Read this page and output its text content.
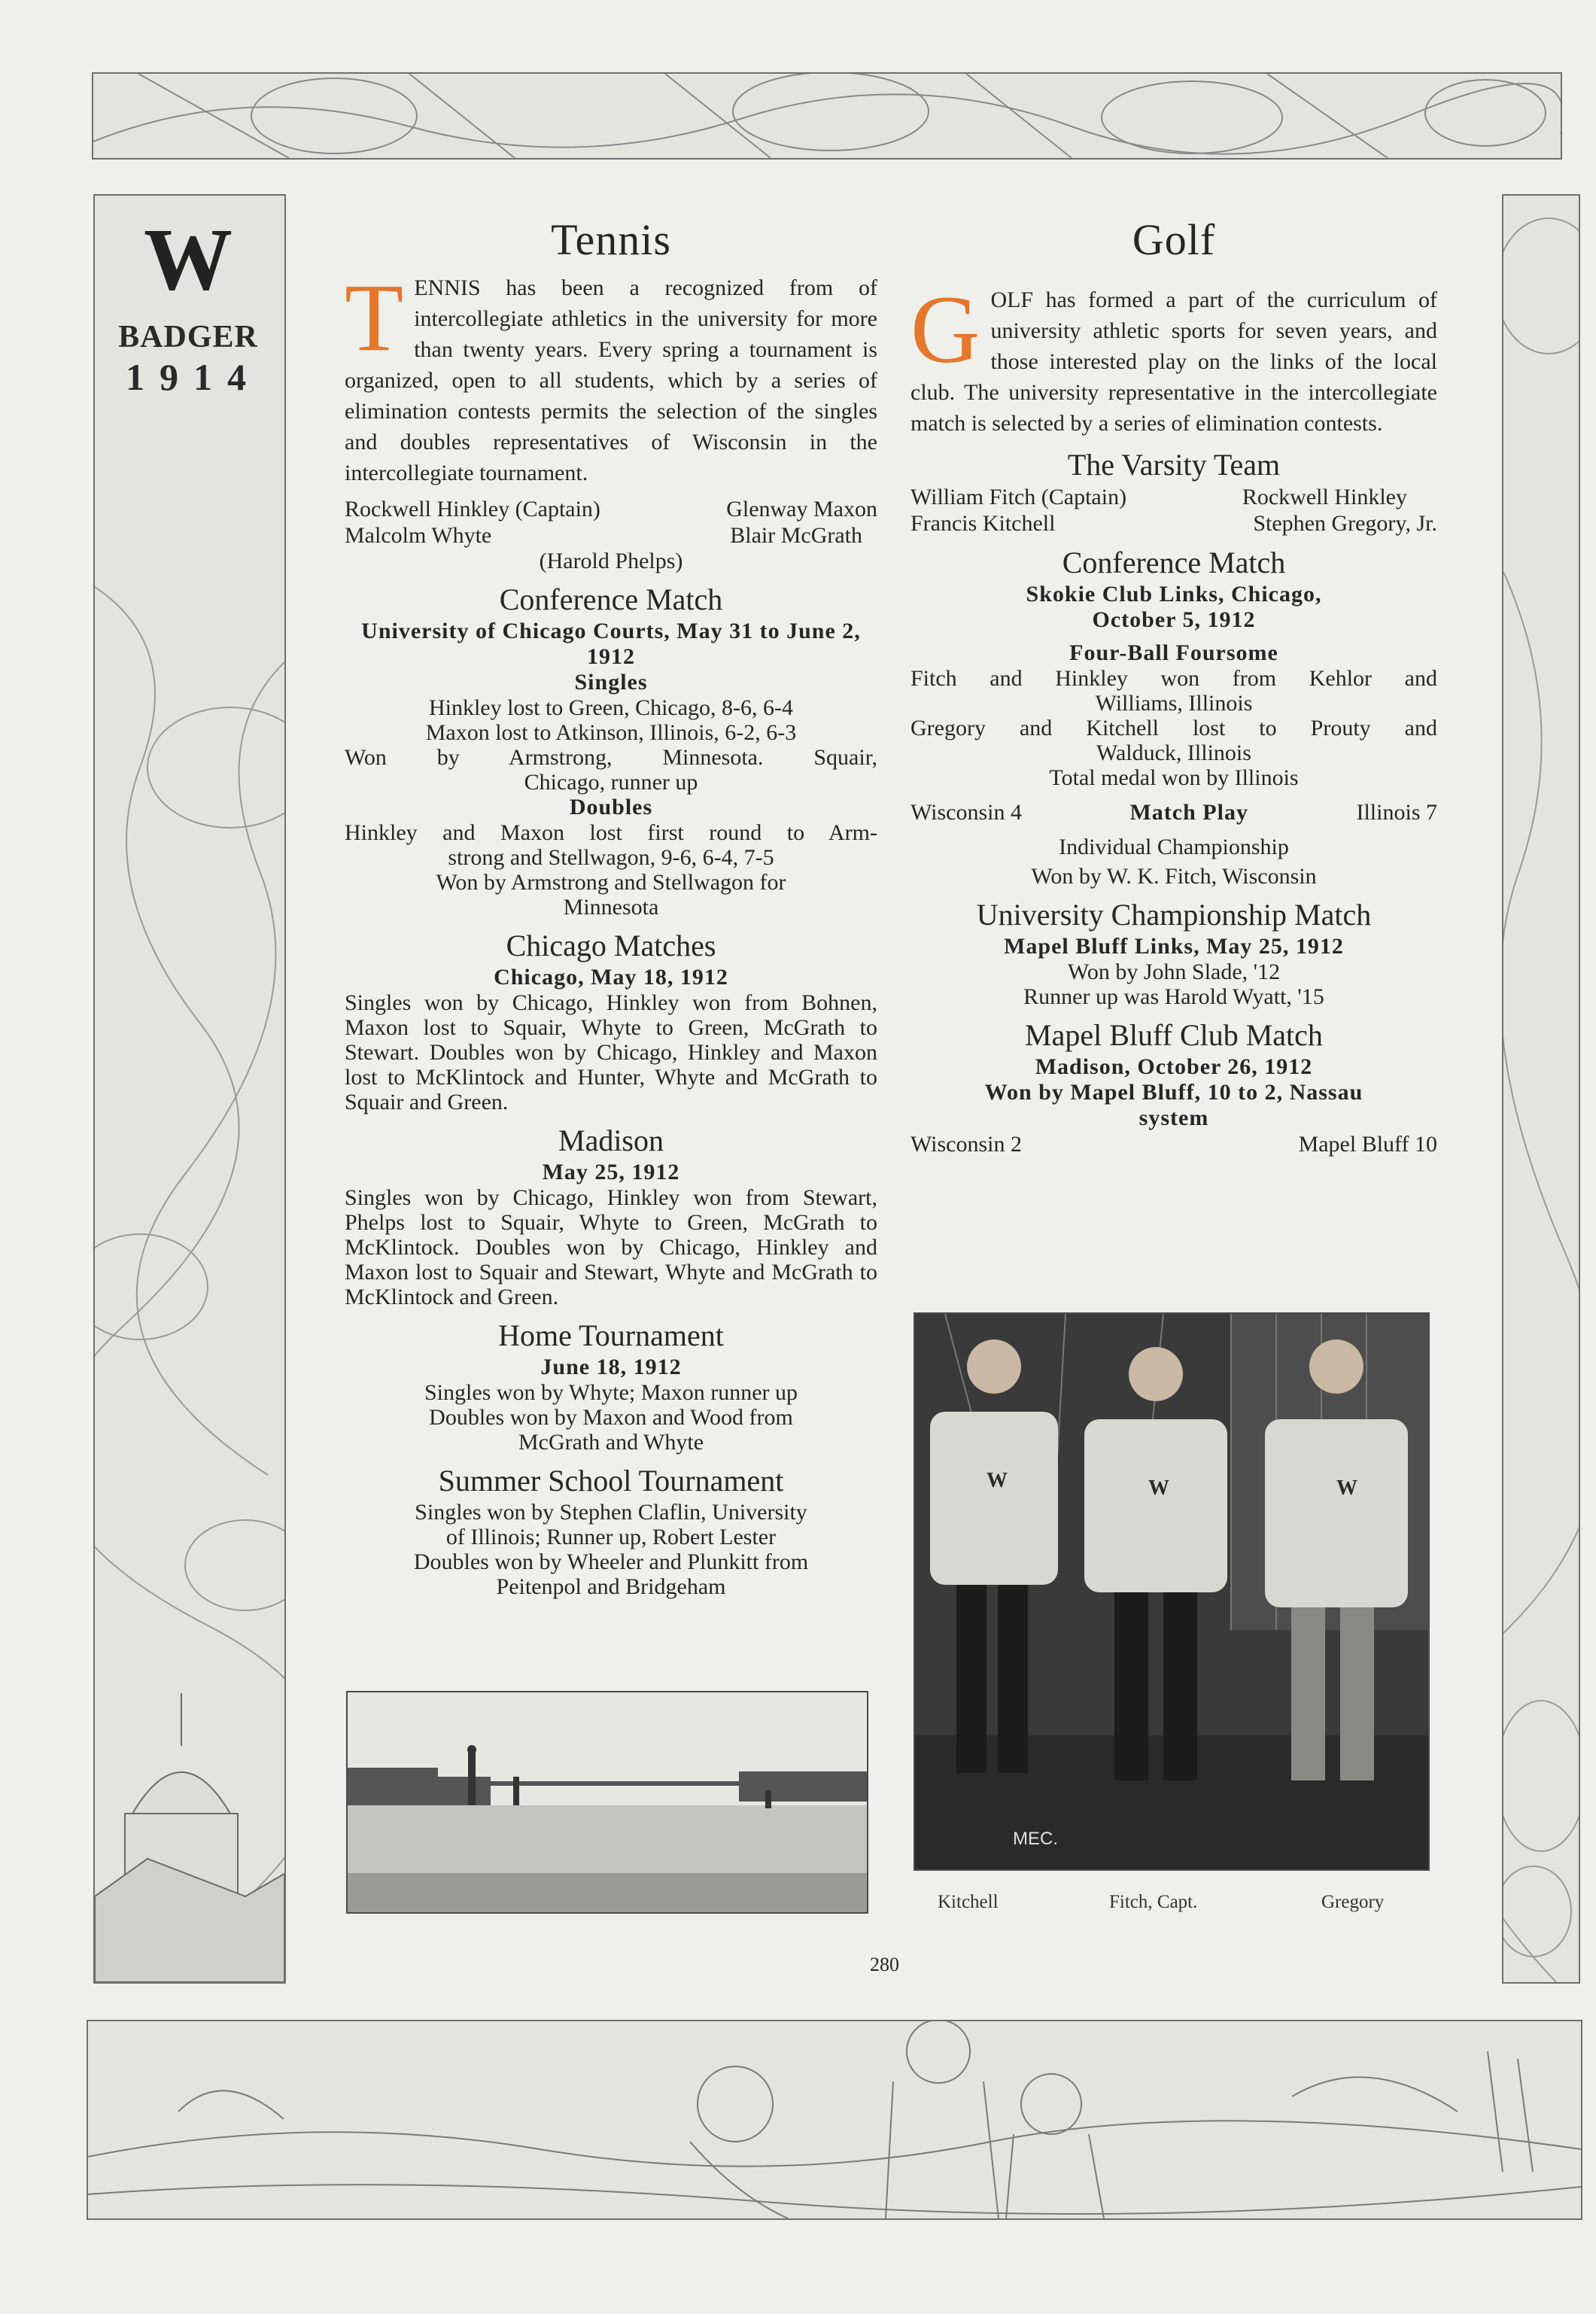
W
BADGER
1914
Tennis

TENNIS has been a recognized from of intercollegiate athletics in the university for more than twenty years. Every spring a tournament is organized, open to all students, which by a series of elimination contests permits the selection of the singles and doubles representatives of Wisconsin in the intercollegiate tournament.

Rockwell Hinkley (Captain)	Glenway Maxon
Malcolm Whyte	Blair McGrath
(Harold Phelps)
Conference Match
University of Chicago Courts, May 31 to June 2, 1912
Singles
Hinkley lost to Green, Chicago, 8-6, 6-4
Maxon lost to Atkinson, Illinois, 6-2, 6-3
Won by Armstrong, Minnesota. Squair,
Chicago, runner up
Doubles
Hinkley and Maxon lost first round to Arm-
strong and Stellwagon, 9-6, 6-4, 7-5
Won by Armstrong and Stellwagon for
Minnesota
Chicago Matches
Chicago, May 18, 1912
Singles won by Chicago, Hinkley won from Bohnen, Maxon lost to Squair, Whyte to Green, McGrath to Stewart. Doubles won by Chicago, Hinkley and Maxon lost to McKlintock and Hunter, Whyte and McGrath to Squair and Green.
Madison
May 25, 1912
Singles won by Chicago, Hinkley won from Stewart, Phelps lost to Squair, Whyte to Green, McGrath to McKlintock. Doubles won by Chicago, Hinkley and Maxon lost to Squair and Stewart, Whyte and McGrath to McKlintock and Green.
Home Tournament
June 18, 1912
Singles won by Whyte; Maxon runner up
Doubles won by Maxon and Wood from
McGrath and Whyte
Summer School Tournament
Singles won by Stephen Claflin, University
of Illinois; Runner up, Robert Lester
Doubles won by Wheeler and Plunkitt from
Peitenpol and Bridgeham
Golf

GOLF has formed a part of the curriculum of university athletic sports for seven years, and those interested play on the links of the local club. The university representative in the intercollegiate match is selected by a series of elimination contests.

The Varsity Team
William Fitch (Captain)	Rockwell Hinkley
Francis Kitchell	Stephen Gregory, Jr.
Conference Match
Skokie Club Links, Chicago,
October 5, 1912
Four-Ball Foursome
Fitch and Hinkley won from Kehlor and
Williams, Illinois
Gregory and Kitchell lost to Prouty and
Walduck, Illinois
Total medal won by Illinois
Wisconsin 4	Match Play	Illinois 7
Individual Championship
Won by W. K. Fitch, Wisconsin
University Championship Match
Mapel Bluff Links, May 25, 1912
Won by John Slade, '12
Runner up was Harold Wyatt, '15
Mapel Bluff Club Match
Madison, October 26, 1912
Won by Mapel Bluff, 10 to 2, Nassau
system
Wisconsin 2	Mapel Bluff 10
W	W	W
MEC.
Kitchell	Fitch, Capt.	Gregory
280
